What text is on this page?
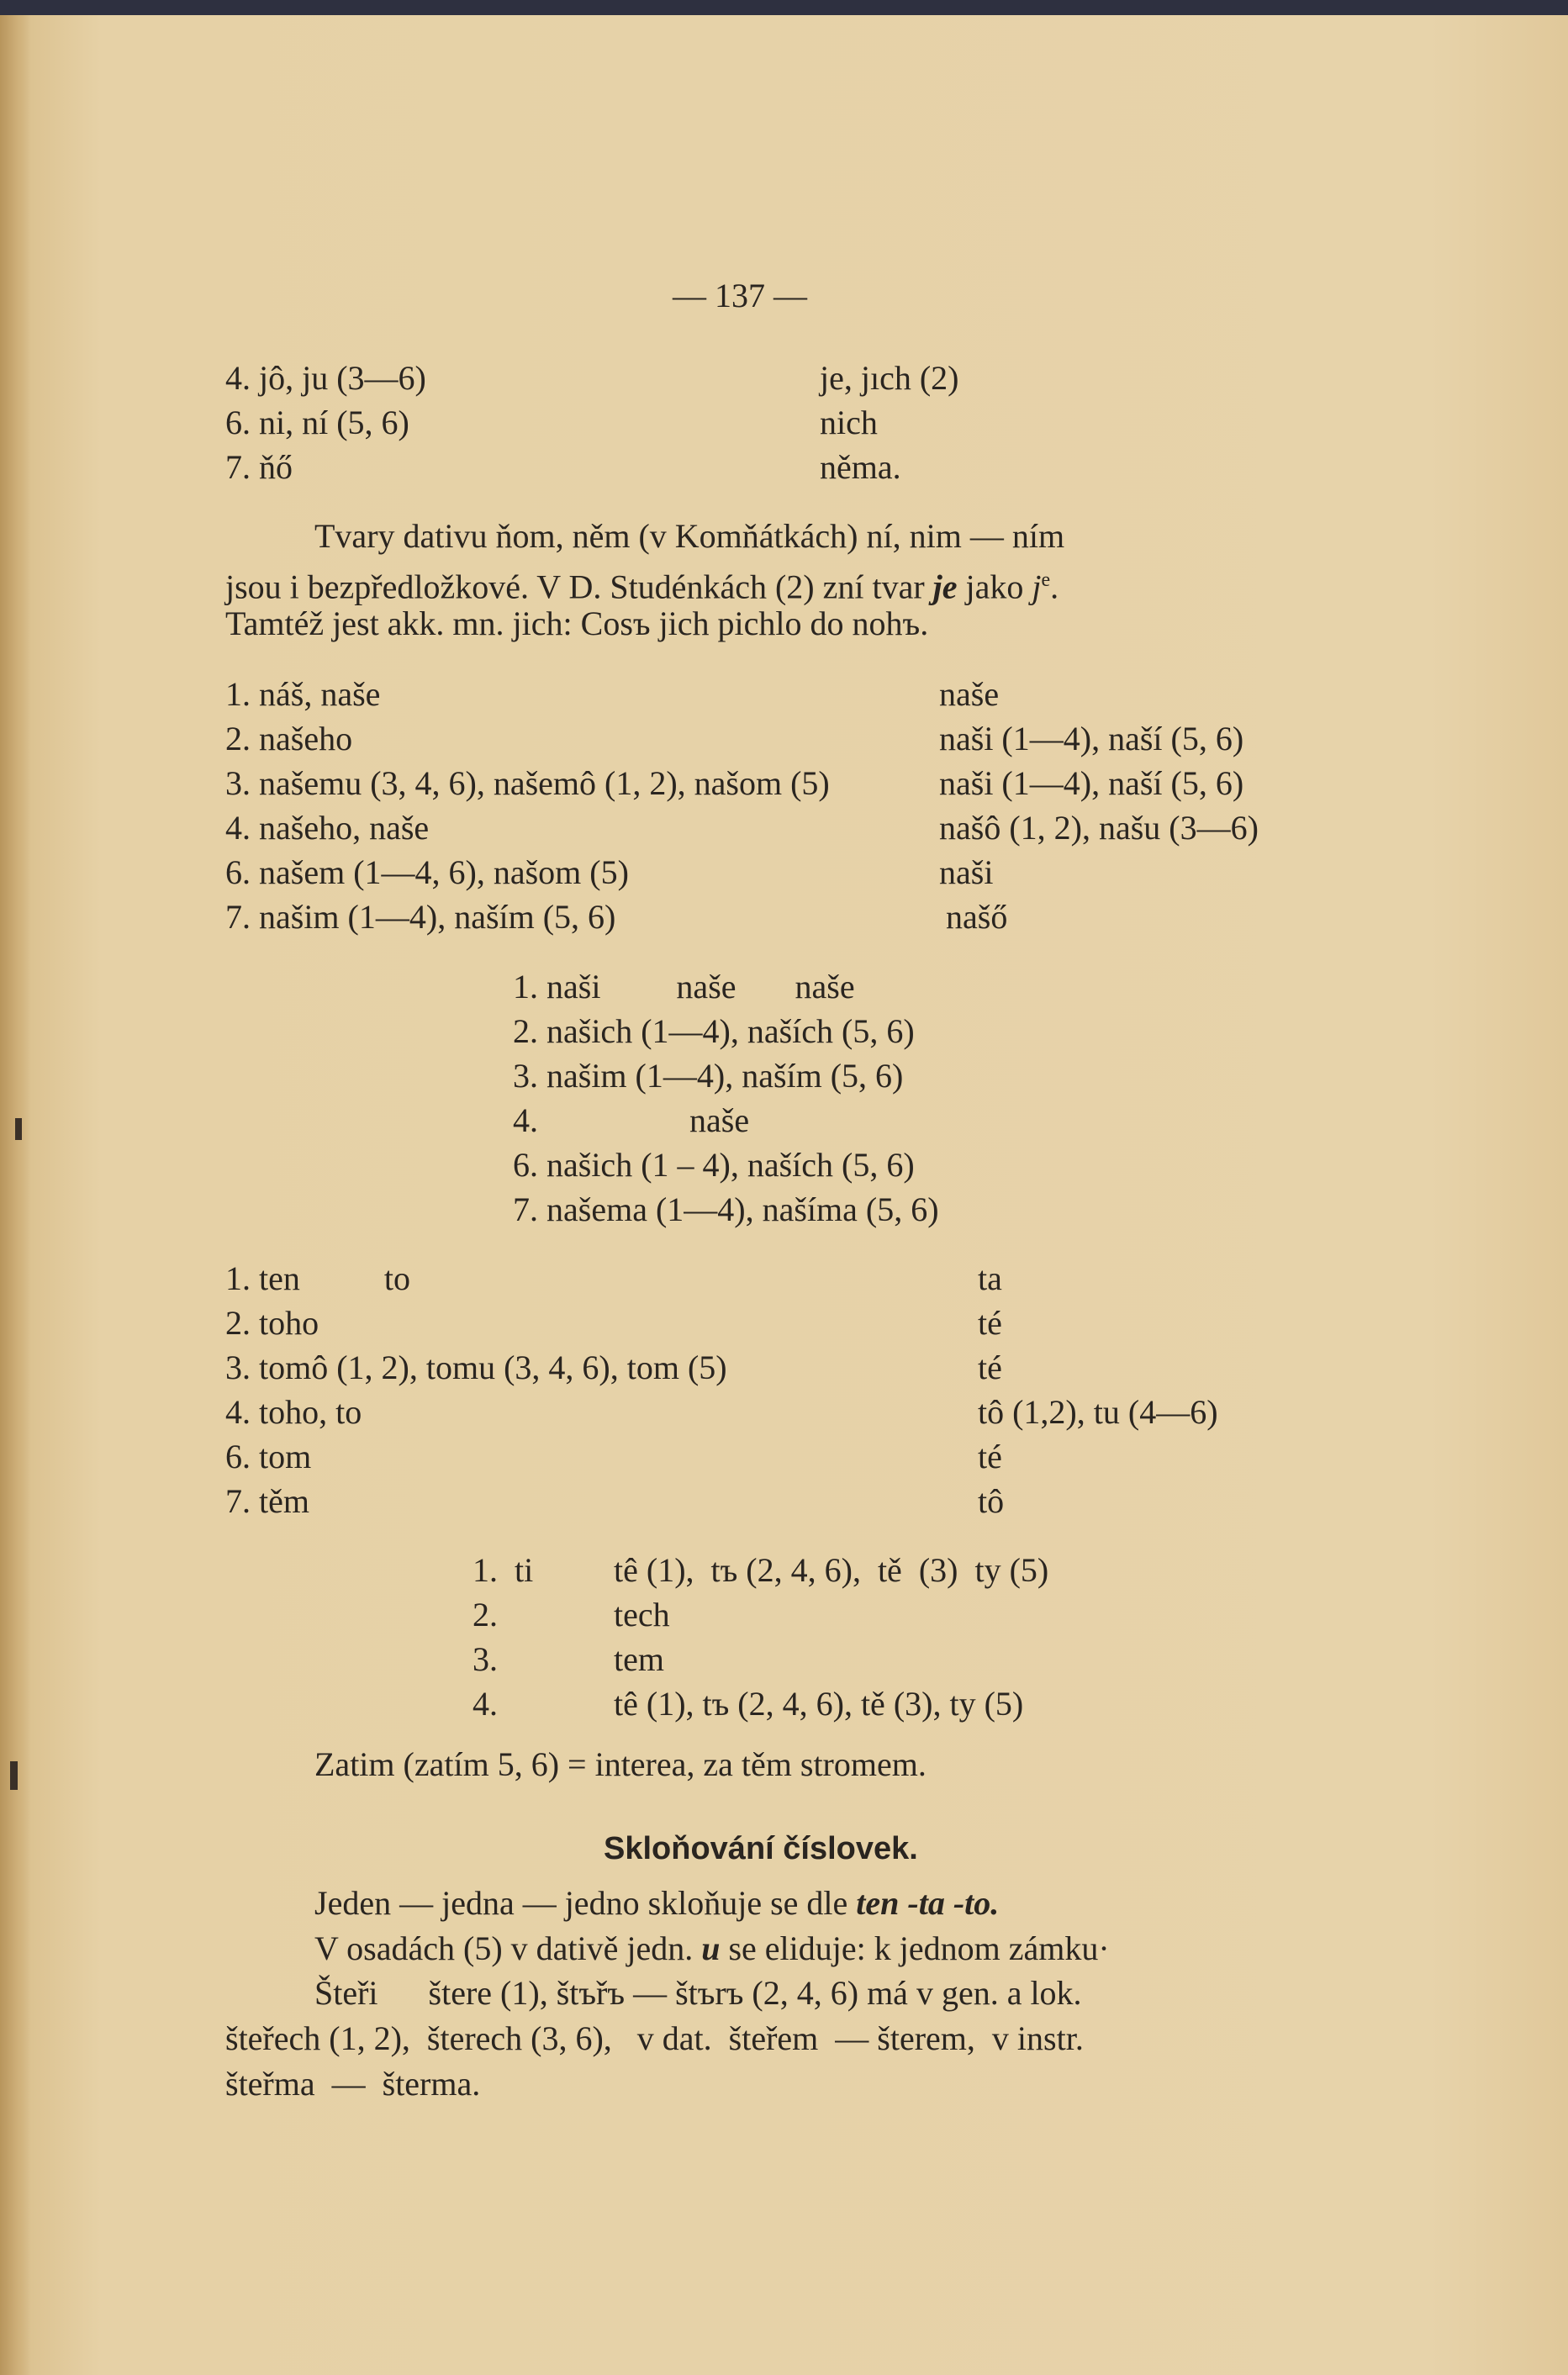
— 137 —
4. jô, ju (3—6)	je, jıch (2)
6. ni, ní (5, 6)	nich
7. ňő	něma.
Tvary dativu ňom, něm (v Komňátkách) ní, nim — ním
jsou i bezpředložkové. V D. Studénkách (2) zní tvar je jako $j^e$.
Tamtéž jest akk. mn. jich: Cosъ jich pichlo do nohъ.
1. náš, naše	naše
2. našeho	naši (1—4), naší (5, 6)
3. našemu (3, 4, 6), našemô (1, 2), našom (5)	naši (1—4), naší (5, 6)
4. našeho, naše	našô (1, 2), našu (3—6)
6. našem (1—4, 6), našom (5)	naši
7. našim (1—4), naším (5, 6)	našő
1. naši         naše       naše
2. našich (1—4), naších (5, 6)
3. našim (1—4), naším (5, 6)
4.                  naše
6. našich (1 – 4), naších (5, 6)
7. našema (1—4), našíma (5, 6)
1. ten          to	ta
2. toho	té
3. tomô (1, 2), tomu (3, 4, 6), tom (5)	té
4. toho, to	tô (1,2), tu (4—6)
6. tom	té
7. těm	tô
1.  ti tê (1),  tъ (2, 4, 6),  tě  (3)  ty (5)
2.	tech
3.	tem
4.	tê (1), tъ (2, 4, 6), tě (3), ty (5)
Zatim (zatím 5, 6) = interea, za těm stromem.
Skloňování číslovek.
Jeden — jedna — jedno skloňuje se dle ten -ta -to.
V osadách (5) v dativě jedn. u se eliduje: k jednom zámku·
Šteři      štere (1), štъřъ — štъrъ (2, 4, 6) má v gen. a lok.
šteřech (1, 2),  šterech (3, 6),   v dat.  šteřem  — šterem,  v instr.
šteřma  —  šterma.
